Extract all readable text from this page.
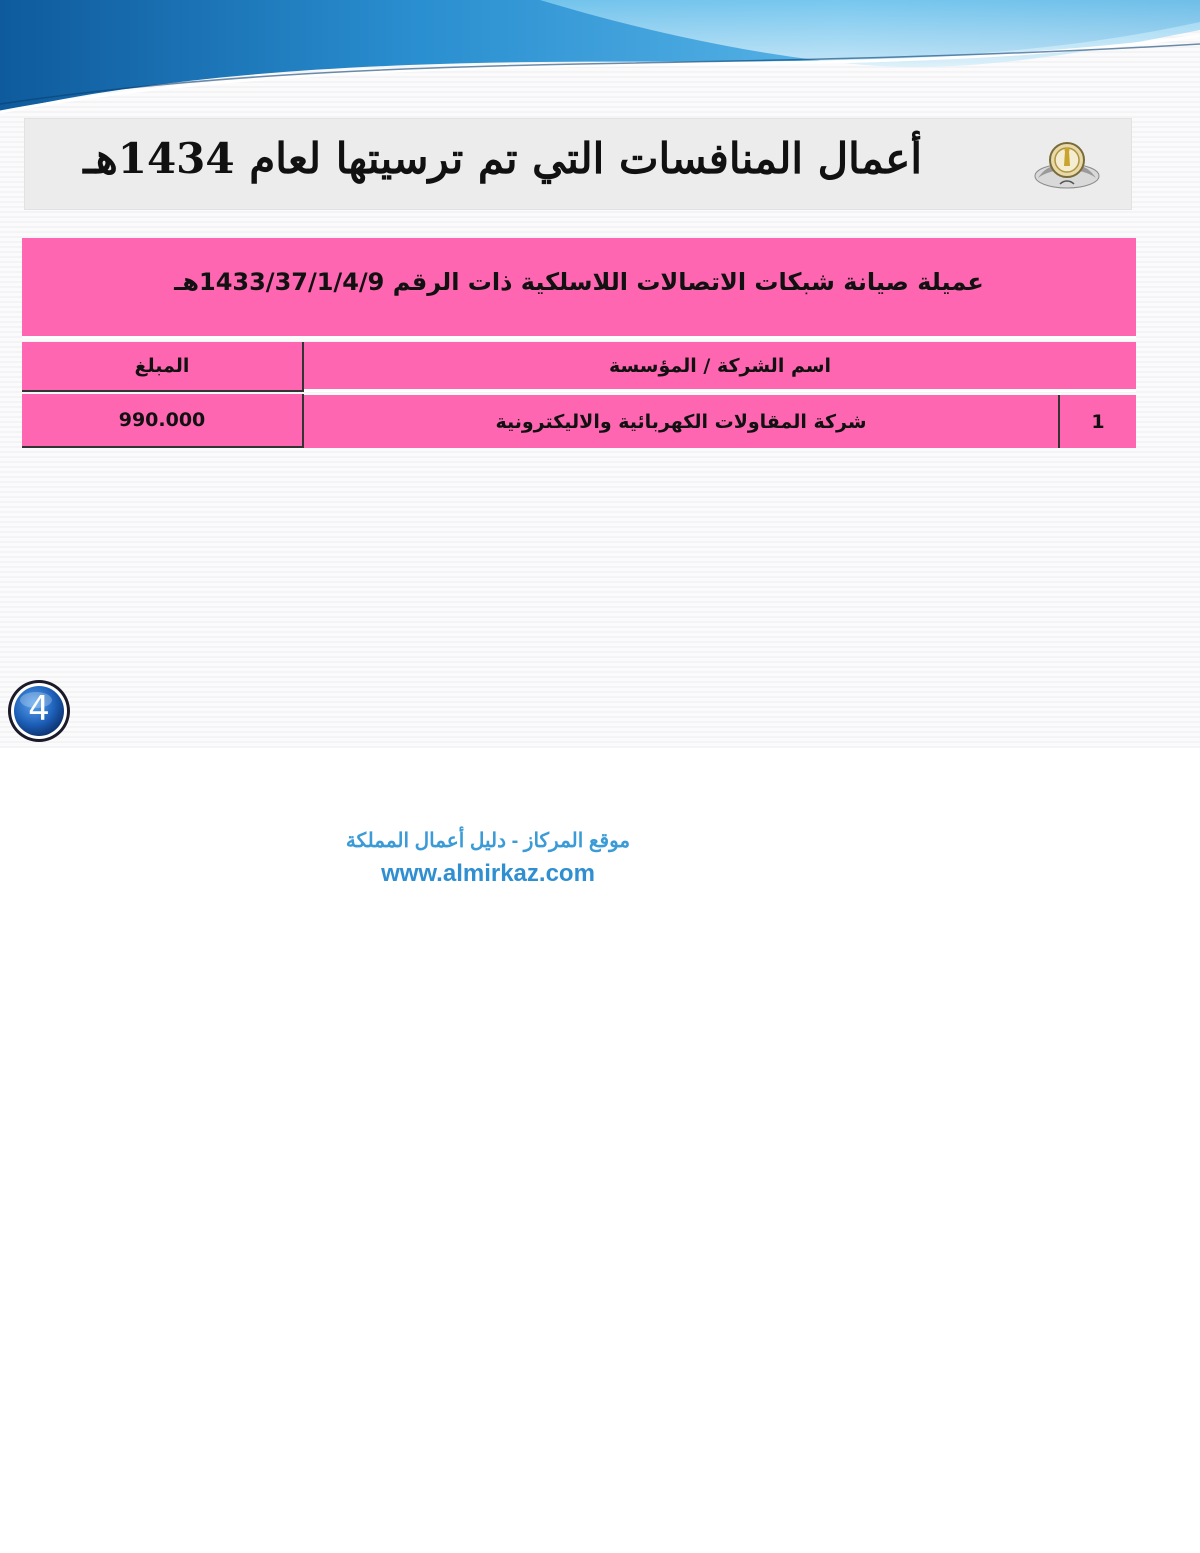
أعمال المنافسات التي تم ترسيتها لعام 1434هـ
عميلة صيانة شبكات الاتصالات اللاسلكية ذات الرقم 1433/37/1/4/9هـ
المبلغ	اسم الشركة / المؤسسة
990.000	شركة المقاولات الكهربائية والاليكترونية	1
4
موقع المركاز - دليل أعمال المملكة
www.almirkaz.com
